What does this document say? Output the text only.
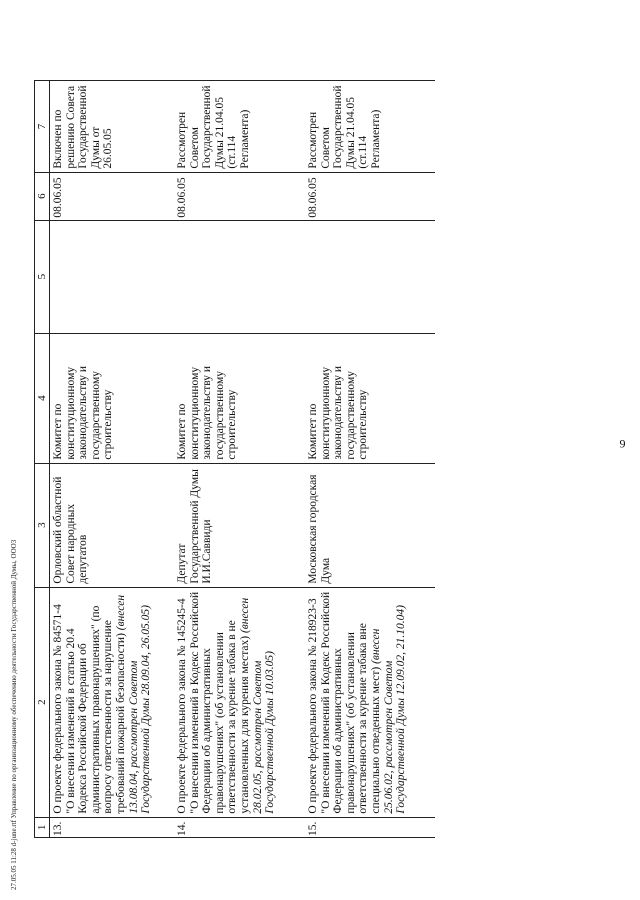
9
27.05.05 11:28 d-june.rtf Управление по организационному обеспечению деятельности Государственной Думы, ООО3 1	2	3	4	5	6	7
13.	О проекте федерального закона № 84571-4 "О внесении изменений в статью 20.4 Кодекса Российской Федерации об административных правонарушениях" (по вопросу ответственности за нарушение требований пожарной безопасности) (внесен 13.08.04, рассмотрен Советом Государственной Думы 28.09.04, 26.05.05)	Орловский областной Совет народных депутатов	Комитет по конституционному законодательству и государственному строительству		08.06.05	Включен по решению Совета Государственной Думы от 26.05.05
14.	О проекте федерального закона № 145245-4 "О внесении изменений в Кодекс Российской Федерации об административных правонарушениях" (об установлении ответственности за курение табака в не установленных для курения местах) (внесен 28.02.05, рассмотрен Советом Государственной Думы 10.03.05)	Депутат Государственной Думы И.И.Саввиди	Комитет по конституционному законодательству и государственному строительству		08.06.05	Рассмотрен Советом Государственной Думы 21.04.05 (ст.114 Регламента)
15.	О проекте федерального закона № 218923-3 "О внесении изменений в Кодекс Российской Федерации об административных правонарушениях" (об установлении ответственности за курение табака вне специально отведенных мест) (внесен 25.06.02, рассмотрен Советом Государственной Думы 12.09.02, 21.10.04)	Московская городская Дума	Комитет по конституционному законодательству и государственному строительству		08.06.05	Рассмотрен Советом Государственной Думы 21.04.05 (ст.114 Регламента)
